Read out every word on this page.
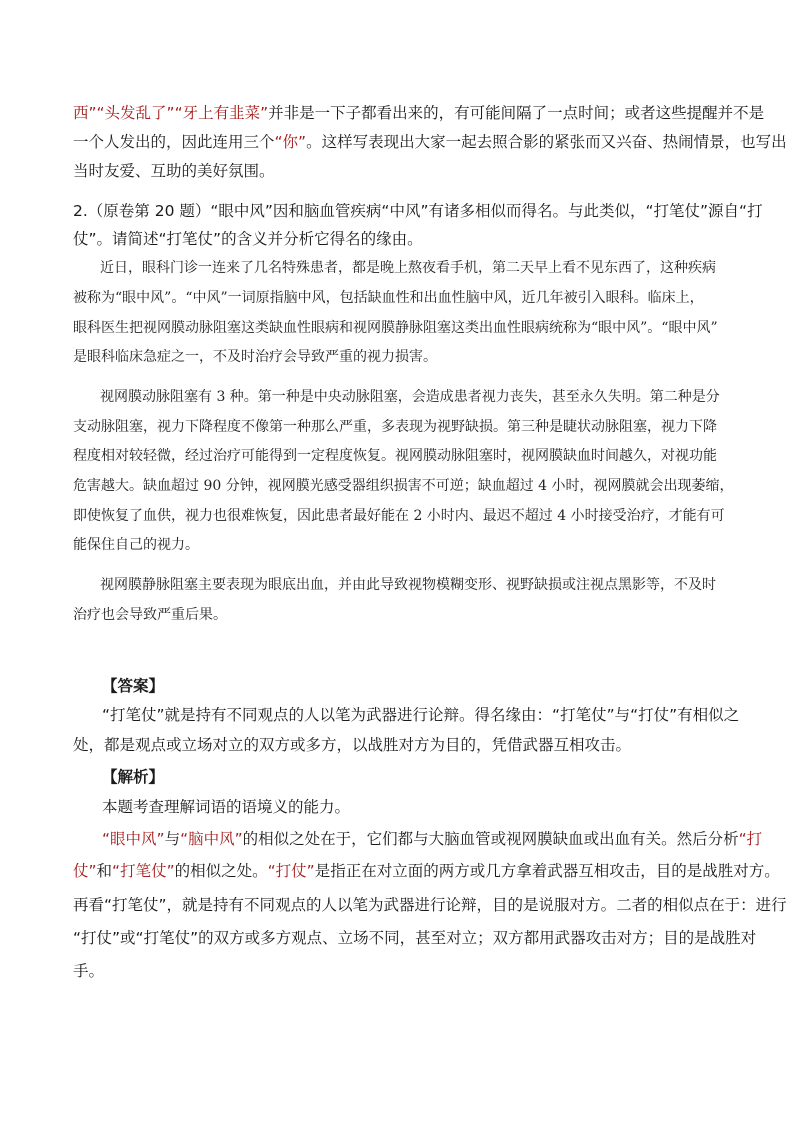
西”“头发乱了”“牙上有韭菜”并非是一下子都看出来的，有可能间隔了一点时间；或者这些提醒并不是
一个人发出的，因此连用三个“你”。这样写表现出大家一起去照合影的紧张而又兴奋、热闹情景，也写出
当时友爱、互助的美好氛围。
2.（原卷第 20 题）“眼中风”因和脑血管疾病“中风”有诸多相似而得名。与此类似，“打笔仗”源自“打
仗”。请简述“打笔仗”的含义并分析它得名的缘由。
近日，眼科门诊一连来了几名特殊患者，都是晚上熬夜看手机，第二天早上看不见东西了，这种疾病
被称为“眼中风”。“中风”一词原指脑中风，包括缺血性和出血性脑中风，近几年被引入眼科。临床上，
眼科医生把视网膜动脉阻塞这类缺血性眼病和视网膜静脉阻塞这类出血性眼病统称为“眼中风”。“眼中风”
是眼科临床急症之一，不及时治疗会导致严重的视力损害。
视网膜动脉阻塞有 3 种。第一种是中央动脉阻塞，会造成患者视力丧失，甚至永久失明。第二种是分
支动脉阻塞，视力下降程度不像第一种那么严重，多表现为视野缺损。第三种是睫状动脉阻塞，视力下降
程度相对较轻微，经过治疗可能得到一定程度恢复。视网膜动脉阻塞时，视网膜缺血时间越久，对视功能
危害越大。缺血超过 90 分钟，视网膜光感受器组织损害不可逆；缺血超过 4 小时，视网膜就会出现萎缩，
即使恢复了血供，视力也很难恢复，因此患者最好能在 2 小时内、最迟不超过 4 小时接受治疗，才能有可
能保住自己的视力。
视网膜静脉阻塞主要表现为眼底出血，并由此导致视物模糊变形、视野缺损或注视点黑影等，不及时
治疗也会导致严重后果。
【答案】
“打笔仗”就是持有不同观点的人以笔为武器进行论辩。得名缘由：“打笔仗”与“打仗”有相似之
处，都是观点或立场对立的双方或多方，以战胜对方为目的，凭借武器互相攻击。
【解析】
本题考查理解词语的语境义的能力。
“眼中风”与“脑中风”的相似之处在于，它们都与大脑血管或视网膜缺血或出血有关。然后分析“打
仗”和“打笔仗”的相似之处。“打仗”是指正在对立面的两方或几方拿着武器互相攻击，目的是战胜对方。
再看“打笔仗”，就是持有不同观点的人以笔为武器进行论辩，目的是说服对方。二者的相似点在于：进行
“打仗”或“打笔仗”的双方或多方观点、立场不同，甚至对立；双方都用武器攻击对方；目的是战胜对
手。
